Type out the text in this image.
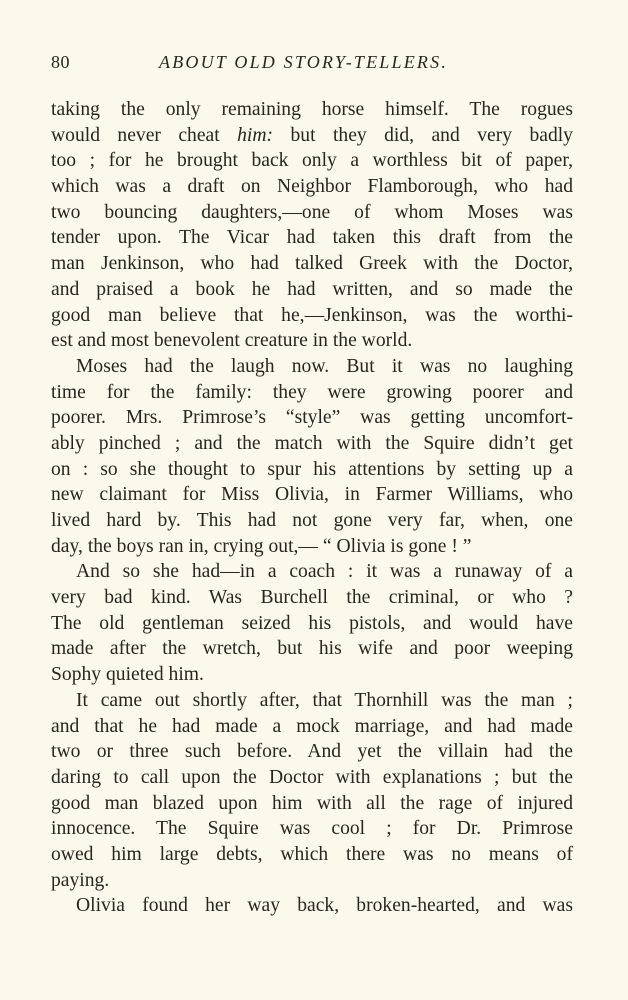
80	ABOUT OLD STORY-TELLERS.
taking the only remaining horse himself. The rogues
would never cheat him: but they did, and very badly
too ; for he brought back only a worthless bit of paper,
which was a draft on Neighbor Flamborough, who had
two bouncing daughters,—one of whom Moses was
tender upon. The Vicar had taken this draft from the
man Jenkinson, who had talked Greek with the Doctor,
and praised a book he had written, and so made the
good man believe that he,—Jenkinson, was the worthi-
est and most benevolent creature in the world.
Moses had the laugh now. But it was no laughing
time for the family: they were growing poorer and
poorer. Mrs. Primrose’s “style” was getting uncomfort-
ably pinched ; and the match with the Squire didn’t get
on : so she thought to spur his attentions by setting up a
new claimant for Miss Olivia, in Farmer Williams, who
lived hard by. This had not gone very far, when, one
day, the boys ran in, crying out,— “ Olivia is gone ! ”
And so she had—in a coach : it was a runaway of a
very bad kind. Was Burchell the criminal, or who ?
The old gentleman seized his pistols, and would have
made after the wretch, but his wife and poor weeping
Sophy quieted him.
It came out shortly after, that Thornhill was the man ;
and that he had made a mock marriage, and had made
two or three such before. And yet the villain had the
daring to call upon the Doctor with explanations ; but the
good man blazed upon him with all the rage of injured
innocence. The Squire was cool ; for Dr. Primrose
owed him large debts, which there was no means of
paying.
Olivia found her way back, broken-hearted, and was
